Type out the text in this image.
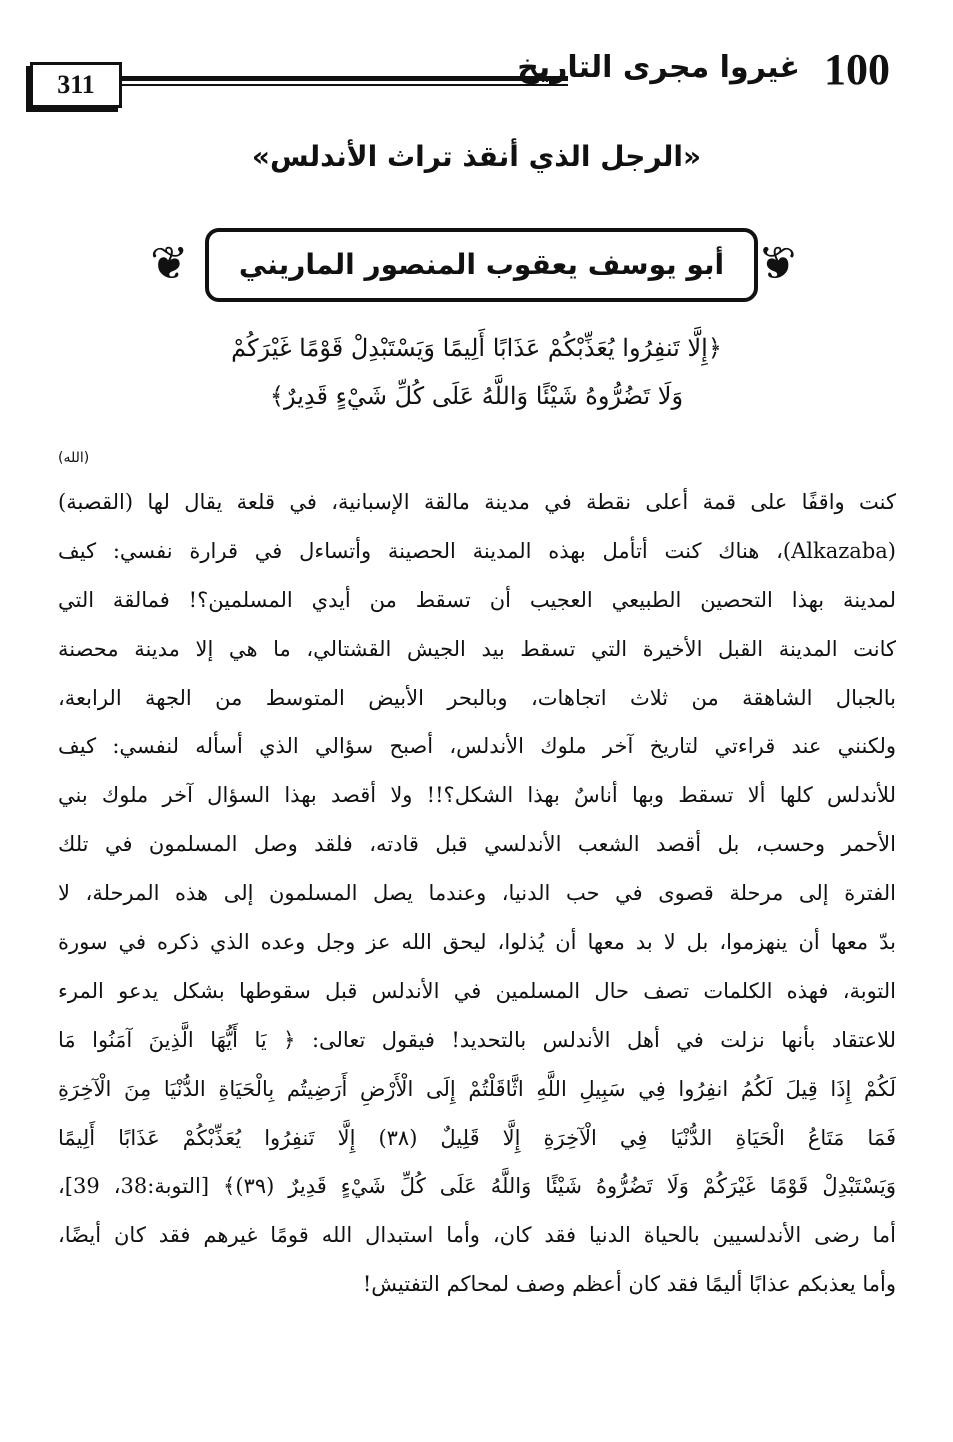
311	غيروا مجرى التاريخ 100
«الرجل الذي أنقذ تراث الأندلس»
❦	أبو يوسف يعقوب المنصور الماريني ❦
﴿إِلَّا تَنفِرُوا يُعَذِّبْكُمْ عَذَابًا أَلِيمًا وَيَسْتَبْدِلْ قَوْمًا غَيْرَكُمْ
وَلَا تَضُرُّوهُ شَيْئًا وَاللَّهُ عَلَى كُلِّ شَيْءٍ قَدِيرٌ﴾
(الله)
كنت واقفًا على قمة أعلى نقطة في مدينة مالقة الإسبانية، في قلعة يقال لها (القصبة)
(Alkazaba)، هناك كنت أتأمل بهذه المدينة الحصينة وأتساءل في قرارة نفسي: كيف
لمدينة بهذا التحصين الطبيعي العجيب أن تسقط من أيدي المسلمين؟! فمالقة التي
كانت المدينة القبل الأخيرة التي تسقط بيد الجيش القشتالي، ما هي إلا مدينة محصنة
بالجبال الشاهقة من ثلاث اتجاهات، وبالبحر الأبيض المتوسط من الجهة الرابعة،
ولكنني عند قراءتي لتاريخ آخر ملوك الأندلس، أصبح سؤالي الذي أسأله لنفسي: كيف
للأندلس كلها ألا تسقط وبها أناسٌ بهذا الشكل؟!! ولا أقصد بهذا السؤال آخر ملوك بني
الأحمر وحسب، بل أقصد الشعب الأندلسي قبل قادته، فلقد وصل المسلمون في تلك
الفترة إلى مرحلة قصوى في حب الدنيا، وعندما يصل المسلمون إلى هذه المرحلة، لا
بدّ معها أن ينهزموا، بل لا بد معها أن يُذلوا، ليحق الله عز وجل وعده الذي ذكره في سورة
التوبة، فهذه الكلمات تصف حال المسلمين في الأندلس قبل سقوطها بشكل يدعو المرء
للاعتقاد بأنها نزلت في أهل الأندلس بالتحديد! فيقول تعالى: ﴿ يَا أَيُّهَا الَّذِينَ آمَنُوا مَا
لَكُمْ إِذَا قِيلَ لَكُمُ انفِرُوا فِي سَبِيلِ اللَّهِ اثَّاقَلْتُمْ إِلَى الْأَرْضِ أَرَضِيتُم بِالْحَيَاةِ الدُّنْيَا مِنَ الْآخِرَةِ
فَمَا مَتَاعُ الْحَيَاةِ الدُّنْيَا فِي الْآخِرَةِ إِلَّا قَلِيلٌ (٣٨) إِلَّا تَنفِرُوا يُعَذِّبْكُمْ عَذَابًا أَلِيمًا
وَيَسْتَبْدِلْ قَوْمًا غَيْرَكُمْ وَلَا تَضُرُّوهُ شَيْئًا وَاللَّهُ عَلَى كُلِّ شَيْءٍ قَدِيرٌ (٣٩)﴾ [التوبة:38، 39]،
أما رضى الأندلسيين بالحياة الدنيا فقد كان، وأما استبدال الله قومًا غيرهم فقد كان أيضًا،
وأما يعذبكم عذابًا أليمًا فقد كان أعظم وصف لمحاكم التفتيش!
